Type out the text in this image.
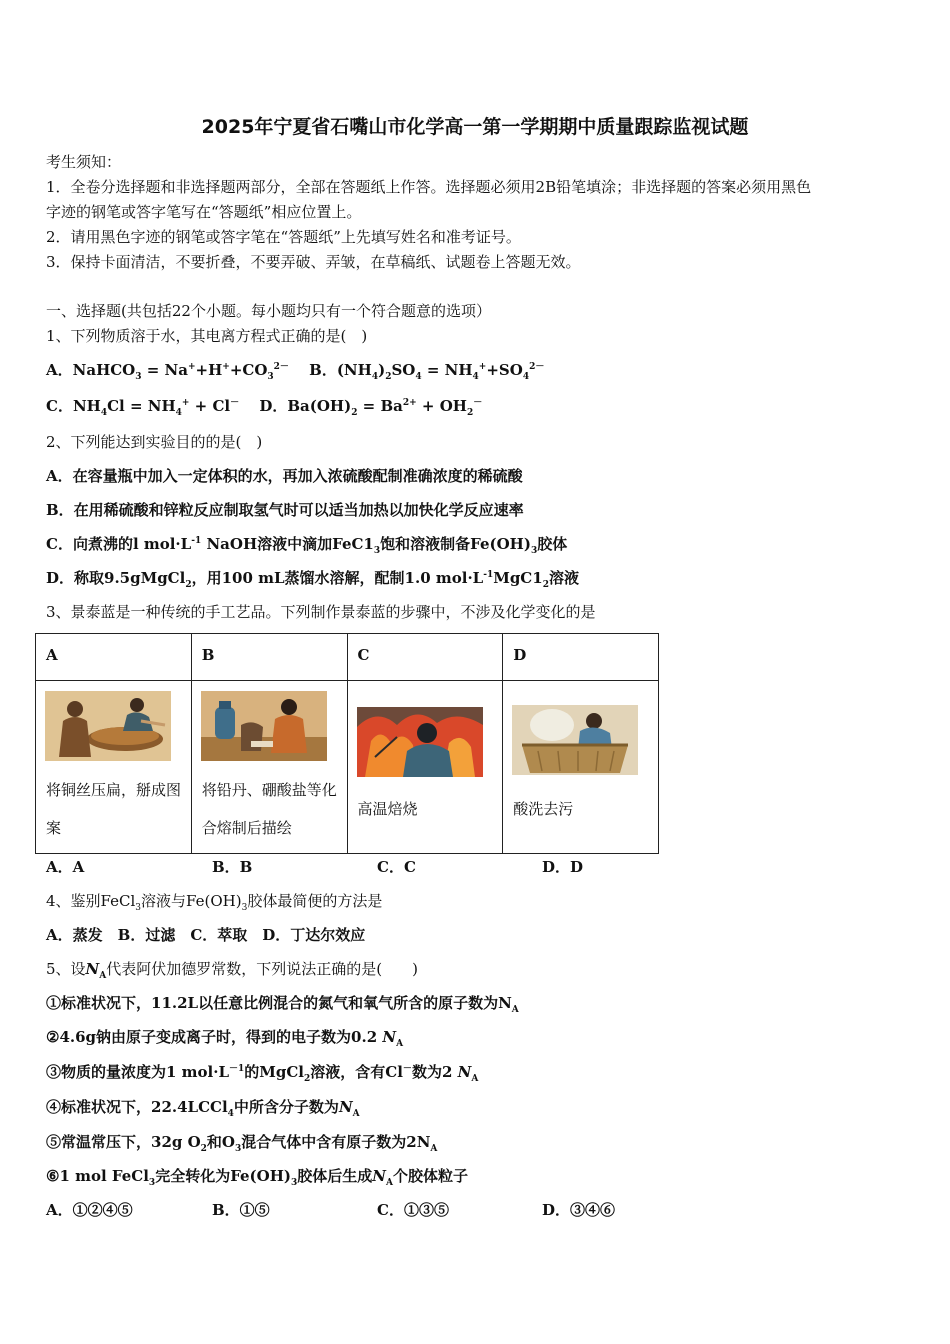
2025年宁夏省石嘴山市化学高一第一学期期中质量跟踪监视试题
考生须知：
1．全卷分选择题和非选择题两部分，全部在答题纸上作答。选择题必须用2B铅笔填涂；非选择题的答案必须用黑色
字迹的钢笔或答字笔写在“答题纸”相应位置上。
2．请用黑色字迹的钢笔或答字笔在“答题纸”上先填写姓名和准考证号。
3．保持卡面清洁，不要折叠，不要弄破、弄皱，在草稿纸、试题卷上答题无效。
一、选择题(共包括22个小题。每小题均只有一个符合题意的选项）
1、下列物质溶于水，其电离方程式正确的是(　)
A．NaHCO$_3$ = $Na^++H^++CO_3^{2-}$　 B．$(NH_4)_2SO_4 = NH_4^++SO_4^{2-}$
C．$NH_4Cl = NH_4^+ + Cl^-$　 D．$Ba(OH)_2 = Ba^{2+} + OH_2^-$
2、下列能达到实验目的的是(　)
A．在容量瓶中加入一定体积的水，再加入浓硫酸配制准确浓度的稀硫酸
B．在用稀硫酸和锌粒反应制取氢气时可以适当加热以加快化学反应速率
C．向煮沸的l $mol\cdot L^{-1}$ NaOH溶液中滴加$FeC1_3$饱和溶液制备$Fe(OH)_3$胶体
D．称取9.5gMgCl$_2$，用100 mL蒸馏水溶解，配制1.0 $mol\cdot L^{-1}MgC1_2$溶液
3、景泰蓝是一种传统的手工艺品。下列制作景泰蓝的步骤中，不涉及化学变化的是
A	B	C	D

将铜丝压扁，掰成图案	将铅丹、硼酸盐等化合熔制后描绘	高温焙烧	酸洗去污
A．A	B．B	C．C	D．D
4、鉴别FeCl$_3$溶液与$Fe(OH)_3$胶体最简便的方法是
A．蒸发　B．过滤　C．萃取　D．丁达尔效应
5、设$N_A$代表阿伏加德罗常数，下列说法正确的是(　　)
①标准状况下，11.2L以任意比例混合的氮气和氧气所含的原子数为$N_A$
②4.6g钠由原子变成离子时，得到的电子数为0.2 $N_A$
③物质的量浓度为1 $mol\cdot L^{-1}$的MgCl$_2$溶液，含有Cl－数为2 $N_A$
④标准状况下，22.4LCCl$_4$中所含分子数为$N_A$
⑤常温常压下，32g $O_2$和$O_3$混合气体中含有原子数为$2N_A$
⑥1 mol FeCl$_3$完全转化为$Fe(OH)_3$胶体后生成$N_A$个胶体粒子
A．①②④⑤	B．①⑤	C．①③⑤	D．③④⑥
